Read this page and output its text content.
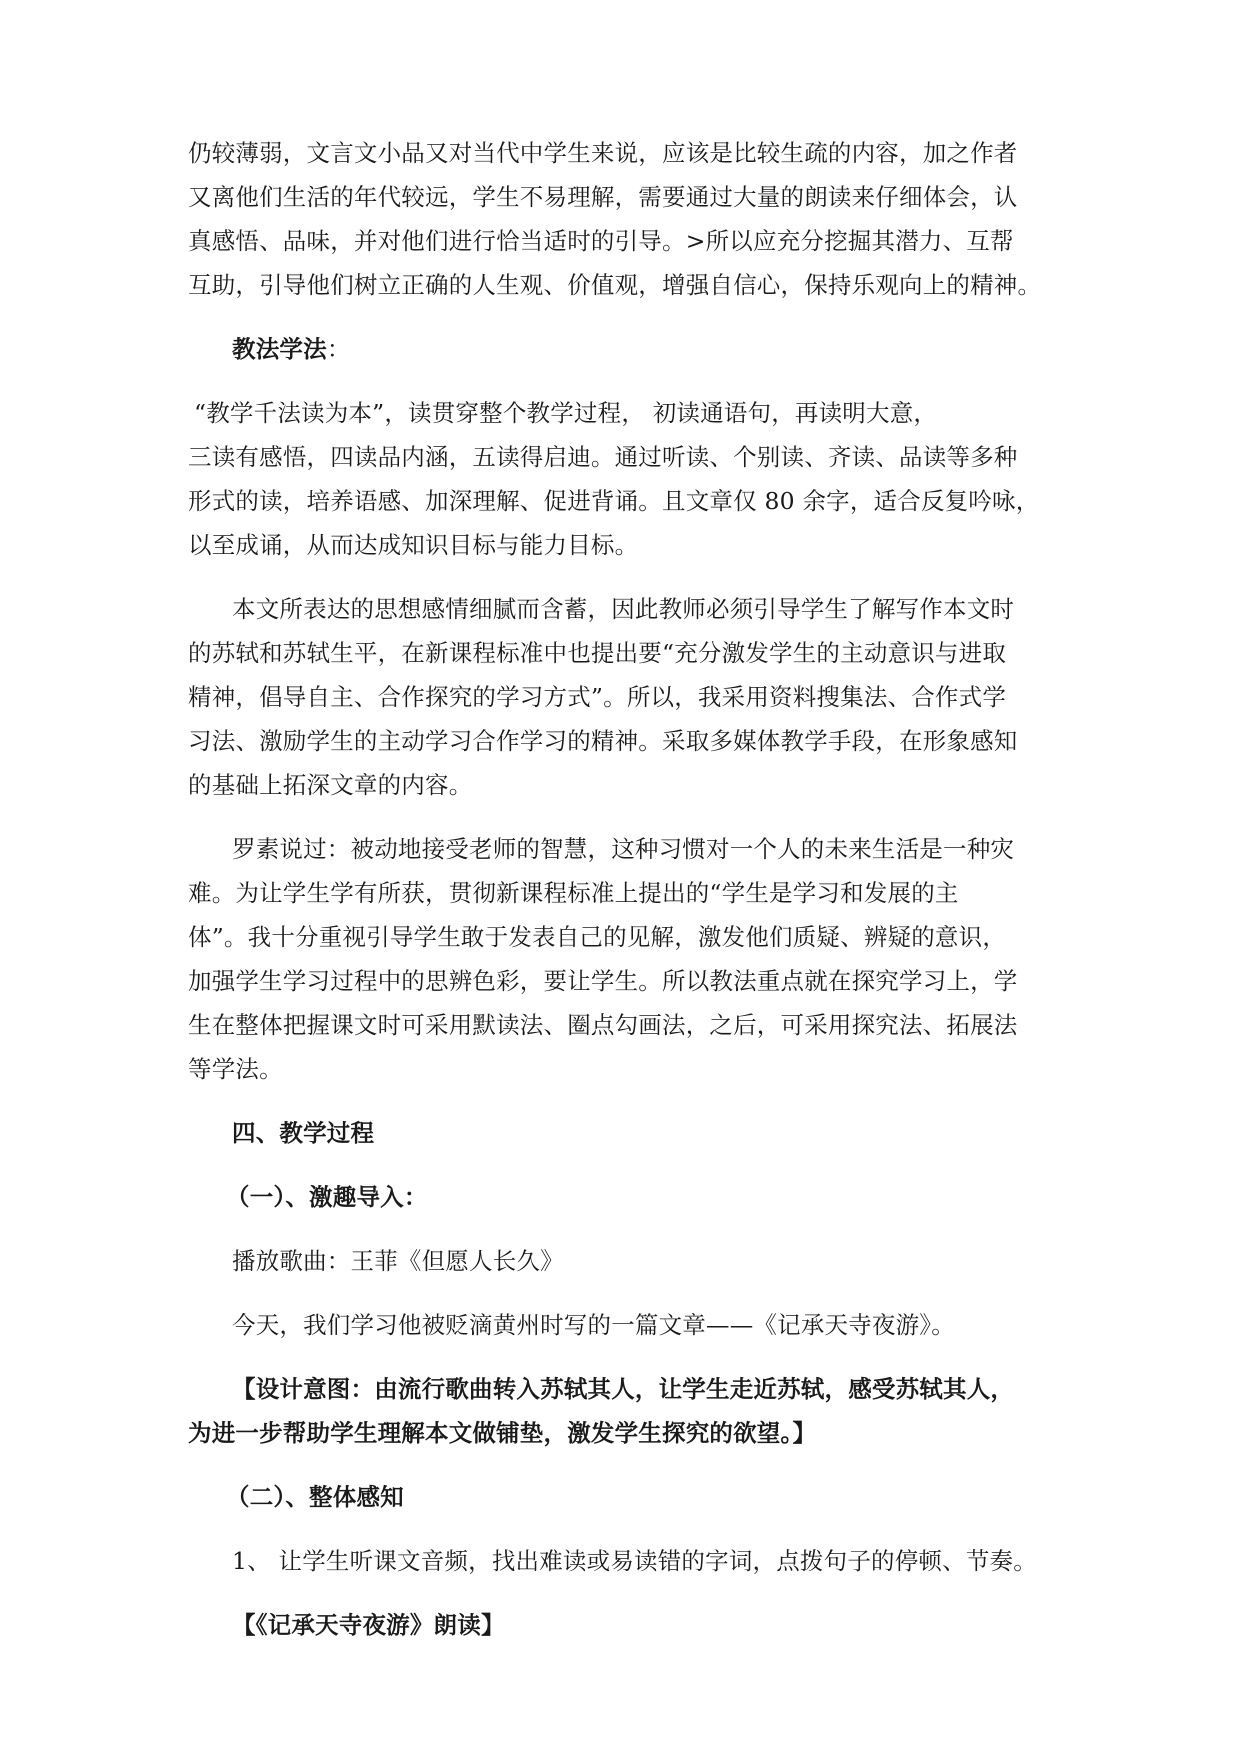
仍较薄弱，文言文小品又对当代中学生来说，应该是比较生疏的内容，加之作者
又离他们生活的年代较远，学生不易理解，需要通过大量的朗读来仔细体会，认
真感悟、品味，并对他们进行恰当适时的引导。>所以应充分挖掘其潜力、互帮
互助，引导他们树立正确的人生观、价值观，增强自信心，保持乐观向上的精神。
教法学法：
“教学千法读为本”，读贯穿整个教学过程， 初读通语句，再读明大意，
三读有感悟，四读品内涵，五读得启迪。通过听读、个别读、齐读、品读等多种
形式的读，培养语感、加深理解、促进背诵。且文章仅 80 余字，适合反复吟咏，
以至成诵，从而达成知识目标与能力目标。
本文所表达的思想感情细腻而含蓄，因此教师必须引导学生了解写作本文时
的苏轼和苏轼生平，在新课程标准中也提出要“充分激发学生的主动意识与进取
精神，倡导自主、合作探究的学习方式”。所以，我采用资料搜集法、合作式学
习法、激励学生的主动学习合作学习的精神。采取多媒体教学手段，在形象感知
的基础上拓深文章的内容。
罗素说过：被动地接受老师的智慧，这种习惯对一个人的未来生活是一种灾
难。为让学生学有所获，贯彻新课程标准上提出的“学生是学习和发展的主
体”。我十分重视引导学生敢于发表自己的见解，激发他们质疑、辨疑的意识，
加强学生学习过程中的思辨色彩，要让学生。所以教法重点就在探究学习上，学
生在整体把握课文时可采用默读法、圈点勾画法，之后，可采用探究法、拓展法
等学法。
四、教学过程
（一）、激趣导入：
播放歌曲：王菲《但愿人长久》
今天，我们学习他被贬滴黄州时写的一篇文章——《记承天寺夜游》。
【设计意图：由流行歌曲转入苏轼其人，让学生走近苏轼，感受苏轼其人，
为进一步帮助学生理解本文做铺垫，激发学生探究的欲望。】
（二）、整体感知
1、 让学生听课文音频，找出难读或易读错的字词，点拨句子的停顿、节奏。
【《记承天寺夜游》朗读】
